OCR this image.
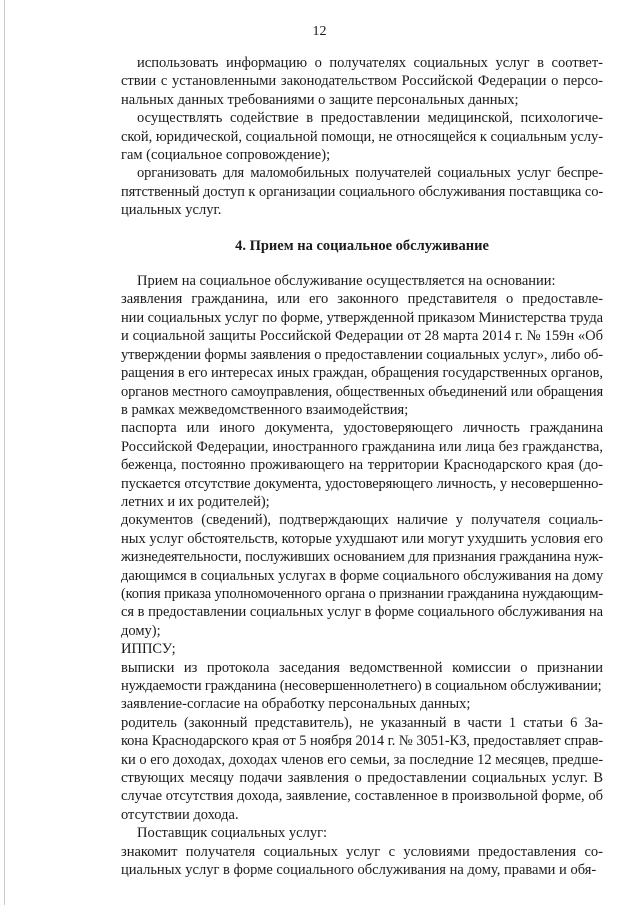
12
использовать информацию о получателях социальных услуг в соответ-
ствии с установленными законодательством Российской Федерации о персо-
нальных данных требованиями о защите персональных данных;
осуществлять содействие в предоставлении медицинской, психологиче-
ской, юридической, социальной помощи, не относящейся к социальным услу-
гам (социальное сопровождение);
организовать для маломобильных получателей социальных услуг беспре-
пятственный доступ к организации социального обслуживания поставщика со-
циальных услуг.
4. Прием на социальное обслуживание
Прием на социальное обслуживание осуществляется на основании:
заявления гражданина, или его законного представителя о предоставле-
нии социальных услуг по форме, утвержденной приказом Министерства труда
и социальной защиты Российской Федерации от 28 марта 2014 г. № 159н «Об
утверждении формы заявления о предоставлении социальных услуг», либо об-
ращения в его интересах иных граждан, обращения государственных органов,
органов местного самоуправления, общественных объединений или обращения
в рамках межведомственного взаимодействия;
паспорта или иного документа, удостоверяющего личность гражданина
Российской Федерации, иностранного гражданина или лица без гражданства,
беженца, постоянно проживающего на территории Краснодарского края (до-
пускается отсутствие документа, удостоверяющего личность, у несовершенно-
летних и их родителей);
документов (сведений), подтверждающих наличие у получателя социаль-
ных услуг обстоятельств, которые ухудшают или могут ухудшить условия его
жизнедеятельности, послуживших основанием для признания гражданина нуж-
дающимся в социальных услугах в форме социального обслуживания на дому
(копия приказа уполномоченного органа о признании гражданина нуждающим-
ся в предоставлении социальных услуг в форме социального обслуживания на
дому);
ИППСУ;
выписки из протокола заседания ведомственной комиссии о признании
нуждаемости гражданина (несовершеннолетнего) в социальном обслуживании;
заявление-согласие на обработку персональных данных;
родитель (законный представитель), не указанный в части 1 статьи 6 За-
кона Краснодарского края от 5 ноября 2014 г. № 3051-КЗ, предоставляет справ-
ки о его доходах, доходах членов его семьи, за последние 12 месяцев, предше-
ствующих месяцу подачи заявления о предоставлении социальных услуг. В
случае отсутствия дохода, заявление, составленное в произвольной форме, об
отсутствии дохода.
Поставщик социальных услуг:
знакомит получателя социальных услуг с условиями предоставления со-
циальных услуг в форме социального обслуживания на дому, правами и обя-
